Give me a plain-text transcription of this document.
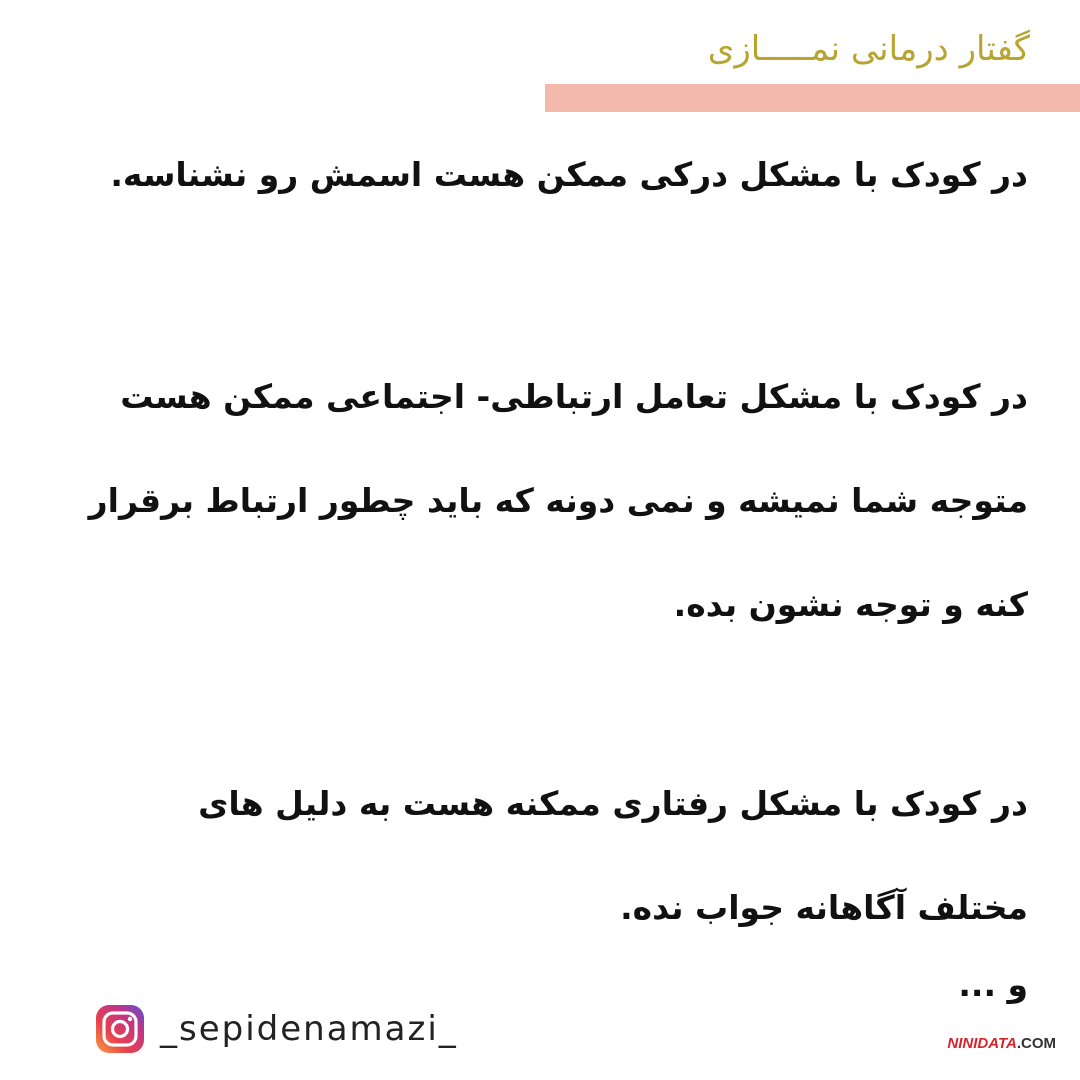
گفتار درمانی نمـــــازی

در کودک با مشکل درکی ممکن هست اسمش رو نشناسه.

در کودک با مشکل تعامل ارتباطی- اجتماعی ممکن هست متوجه شما نمیشه و نمی دونه که باید چطور ارتباط برقرار کنه و توجه نشون بده.

در کودک با مشکل رفتاری ممکنه هست به دلیل های مختلف آگاهانه جواب نده.

و ...
_sepidenamazi_	NINIDATA.COM
